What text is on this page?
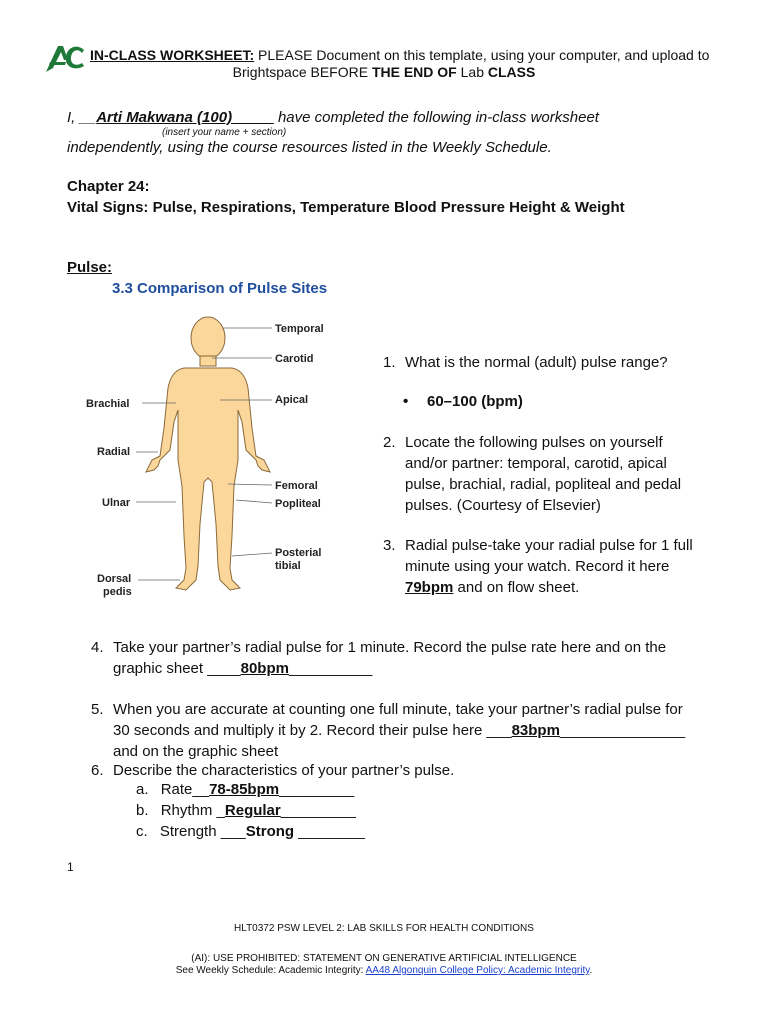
IN-CLASS WORKSHEET: PLEASE Document on this template, using your computer, and upload to
Brightspace BEFORE THE END OF Lab CLASS
I, __Arti Makwana (100)_____ have completed the following in-class worksheet
(insert your name + section)
independently, using the course resources listed in the Weekly Schedule.
Chapter 24:
Vital Signs: Pulse, Respirations, Temperature Blood Pressure Height & Weight
Pulse:
3.3 Comparison of Pulse Sites
Temporal
Carotid
Apical
Brachial
Radial
Femoral
Popliteal
Ulnar
Posterial
tibial
Dorsal
pedis
1. What is the normal (adult) pulse range?
• 60–100 (bpm)
2. Locate the following pulses on yourself
and/or partner: temporal, carotid, apical
pulse, brachial, radial, popliteal and pedal
pulses. (Courtesy of Elsevier)
3. Radial pulse-take your radial pulse for 1 full
minute using your watch. Record it here
79bpm and on flow sheet.
4. Take your partner’s radial pulse for 1 minute. Record the pulse rate here and on the
graphic sheet ____80bpm__________
5. When you are accurate at counting one full minute, take your partner’s radial pulse for
30 seconds and multiply it by 2. Record their pulse here ___83bpm_______________
and on the graphic sheet
6. Describe the characteristics of your partner’s pulse.
a. Rate__78-85bpm_________
b. Rhythm _Regular_________
c. Strength ___Strong ________
1
HLT0372 PSW LEVEL 2: LAB SKILLS FOR HEALTH CONDITIONS
(AI): USE PROHIBITED: STATEMENT ON GENERATIVE ARTIFICIAL INTELLIGENCE
See Weekly Schedule: Academic Integrity: AA48 Algonquin College Policy: Academic Integrity.
